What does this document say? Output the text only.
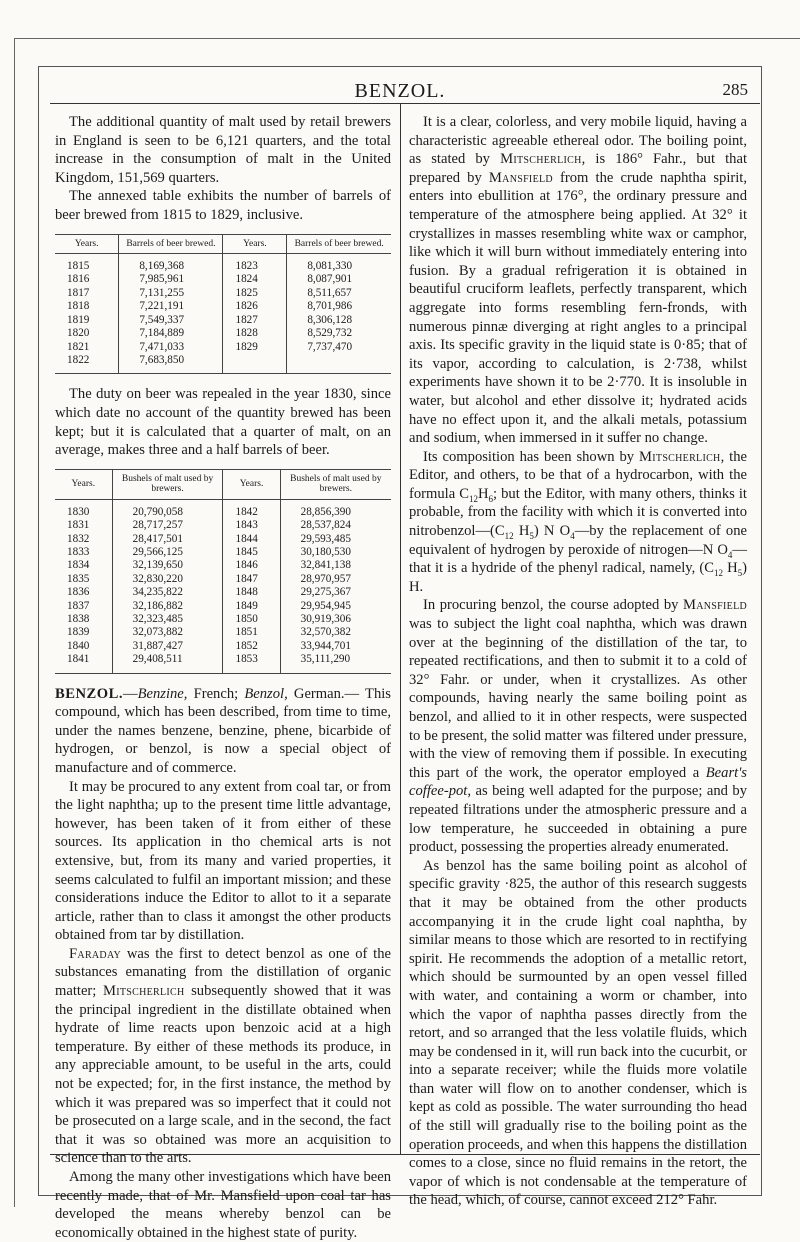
BENZOL.	285

The additional quantity of malt used by retail brewers in England is seen to be 6,121 quarters, and the total increase in the consumption of malt in the United Kingdom, 151,569 quarters.

The annexed table exhibits the number of barrels of beer brewed from 1815 to 1829, inclusive.

Years.	Barrels of beer brewed.	Years.	Barrels of beer brewed.
1815	8,169,368	1823	8,081,330
1816	7,985,961	1824	8,087,901
1817	7,131,255	1825	8,511,657
1818	7,221,191	1826	8,701,986
1819	7,549,337	1827	8,306,128
1820	7,184,889	1828	8,529,732
1821	7,471,033	1829	7,737,470
1822	7,683,850		

The duty on beer was repealed in the year 1830, since which date no account of the quantity brewed has been kept; but it is calculated that a quarter of malt, on an average, makes three and a half barrels of beer.

Years.	Bushels of malt used by brewers.	Years.	Bushels of malt used by brewers.
1830	20,790,058	1842	28,856,390
1831	28,717,257	1843	28,537,824
1832	28,417,501	1844	29,593,485
1833	29,566,125	1845	30,180,530
1834	32,139,650	1846	32,841,138
1835	32,830,220	1847	28,970,957
1836	34,235,822	1848	29,275,367
1837	32,186,882	1849	29,954,945
1838	32,323,485	1850	30,919,306
1839	32,073,882	1851	32,570,382
1840	31,887,427	1852	33,944,701
1841	29,408,511	1853	35,111,290

BENZOL.—Benzine, French; Benzol, German.— This compound, which has been described, from time to time, under the names benzene, benzine, phene, bicarbide of hydrogen, or benzol, is now a special object of manufacture and of commerce.

It may be procured to any extent from coal tar, or from the light naphtha; up to the present time little advantage, however, has been taken of it from either of these sources. Its application in tho chemical arts is not extensive, but, from its many and varied properties, it seems calculated to fulfil an important mission; and these considerations induce the Editor to allot to it a separate article, rather than to class it amongst the other products obtained from tar by distillation.

Faraday was the first to detect benzol as one of the substances emanating from the distillation of organic matter; Mitscherlich subsequently showed that it was the principal ingredient in the distillate obtained when hydrate of lime reacts upon benzoic acid at a high temperature. By either of these methods its produce, in any appreciable amount, to be useful in the arts, could not be expected; for, in the first instance, the method by which it was prepared was so imperfect that it could not be prosecuted on a large scale, and in the second, the fact that it was so obtained was more an acquisition to science than to the arts.

Among the many other investigations which have been recently made, that of Mr. Mansfield upon coal tar has developed the means whereby benzol can be economically obtained in the highest state of purity.

It is a clear, colorless, and very mobile liquid, having a characteristic agreeable ethereal odor. The boiling point, as stated by Mitscherlich, is 186° Fahr., but that prepared by Mansfield from the crude naphtha spirit, enters into ebullition at 176°, the ordinary pressure and temperature of the atmosphere being applied. At 32° it crystallizes in masses resembling white wax or camphor, like which it will burn without immediately entering into fusion. By a gradual refrigeration it is obtained in beautiful cruciform leaflets, perfectly transparent, which aggregate into forms resembling fern-fronds, with numerous pinnæ diverging at right angles to a principal axis. Its specific gravity in the liquid state is 0·85; that of its vapor, according to calculation, is 2·738, whilst experiments have shown it to be 2·770. It is insoluble in water, but alcohol and ether dissolve it; hydrated acids have no effect upon it, and the alkali metals, potassium and sodium, when immersed in it suffer no change.

Its composition has been shown by Mitscherlich, the Editor, and others, to be that of a hydrocarbon, with the formula $C_{12}H_6$; but the Editor, with many others, thinks it probable, from the facility with which it is converted into $nitrobenzol—(C_{12}$ $H_5$) N $O_4—by$ the replacement of one equivalent of hydrogen by peroxide of nitrogen—N $O_4—that$ it is a hydride of the phenyl radical, namely, ($C_{12}$ $H_5$) H.

In procuring benzol, the course adopted by Mansfield was to subject the light coal naphtha, which was drawn over at the beginning of the distillation of the tar, to repeated rectifications, and then to submit it to a cold of 32° Fahr. or under, when it crystallizes. As other compounds, having nearly the same boiling point as benzol, and allied to it in other respects, were suspected to be present, the solid matter was filtered under pressure, with the view of removing them if possible. In executing this part of the work, the operator employed a Beart's coffee-pot, as being well adapted for the purpose; and by repeated filtrations under the atmospheric pressure and a low temperature, he succeeded in obtaining a pure product, possessing the properties already enumerated.

As benzol has the same boiling point as alcohol of specific gravity ·825, the author of this research suggests that it may be obtained from the other products accompanying it in the crude light coal naphtha, by similar means to those which are resorted to in rectifying spirit. He recommends the adoption of a metallic retort, which should be surmounted by an open vessel filled with water, and containing a worm or chamber, into which the vapor of naphtha passes directly from the retort, and so arranged that the less volatile fluids, which may be condensed in it, will run back into the cucurbit, or into a separate receiver; while the fluids more volatile than water will flow on to another condenser, which is kept as cold as possible. The water surrounding tho head of the still will gradually rise to the boiling point as the operation proceeds, and when this happens the distillation comes to a close, since no fluid remains in the retort, the vapor of which is not condensable at the temperature of the head, which, of course, cannot exceed 212° Fahr.
